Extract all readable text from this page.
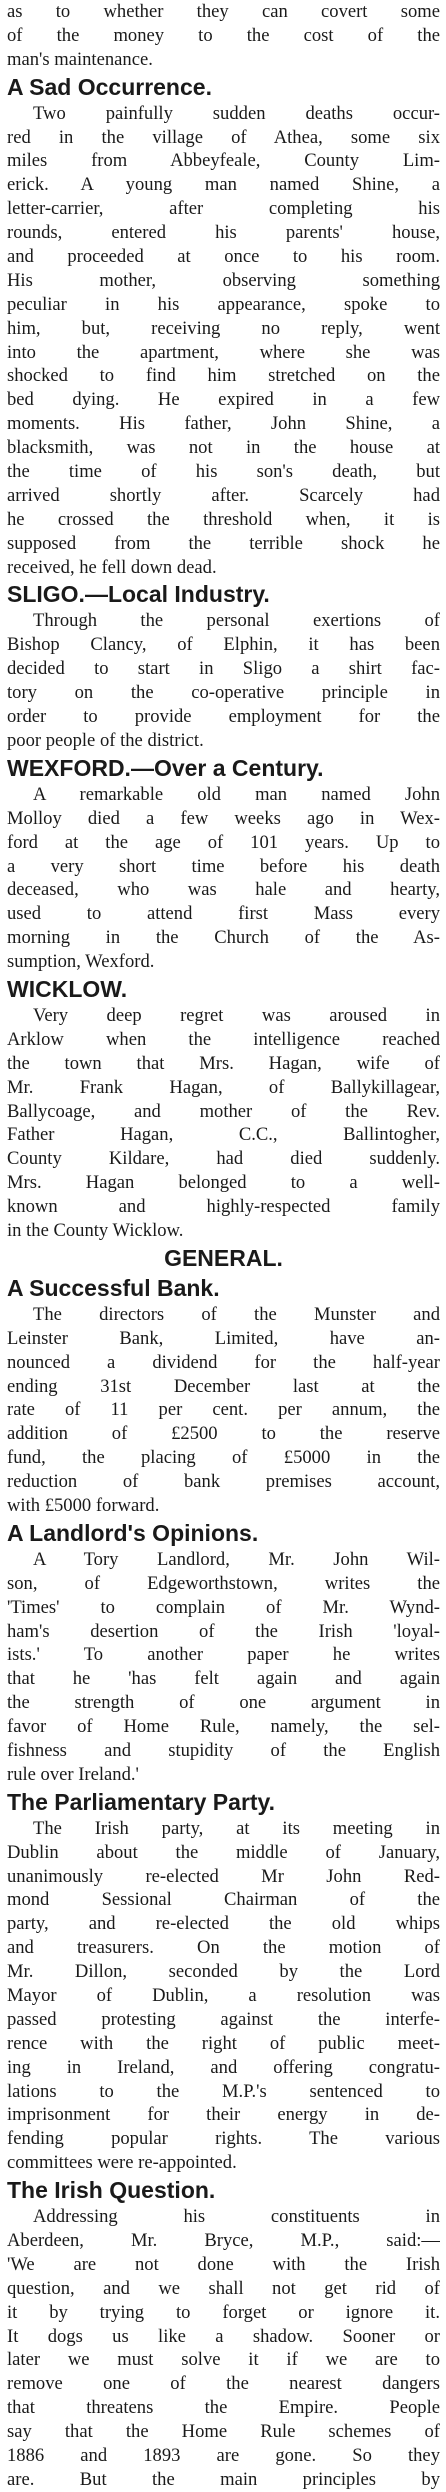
as to whether they can covert some
of the money to the cost of the
man's maintenance.
A Sad Occurrence.
Two painfully sudden deaths occur-
red in the village of Athea, some six
miles from Abbeyfeale, County Lim-
erick. A young man named Shine, a
letter-carrier, after completing his
rounds, entered his parents' house,
and proceeded at once to his room.
His mother, observing something
peculiar in his appearance, spoke to
him, but, receiving no reply, went
into the apartment, where she was
shocked to find him stretched on the
bed dying. He expired in a few
moments. His father, John Shine, a
blacksmith, was not in the house at
the time of his son's death, but
arrived shortly after. Scarcely had
he crossed the threshold when, it is
supposed from the terrible shock he
received, he fell down dead.
SLIGO.—Local Industry.
Through the personal exertions of
Bishop Clancy, of Elphin, it has been
decided to start in Sligo a shirt fac-
tory on the co-operative principle in
order to provide employment for the
poor people of the district.
WEXFORD.—Over a Century.
A remarkable old man named John
Molloy died a few weeks ago in Wex-
ford at the age of 101 years. Up to
a very short time before his death
deceased, who was hale and hearty,
used to attend first Mass every
morning in the Church of the As-
sumption, Wexford.
WICKLOW.
Very deep regret was aroused in
Arklow when the intelligence reached
the town that Mrs. Hagan, wife of
Mr. Frank Hagan, of Ballykillagear,
Ballycoage, and mother of the Rev.
Father Hagan, C.C., Ballintogher,
County Kildare, had died suddenly.
Mrs. Hagan belonged to a well-
known and highly-respected family
in the County Wicklow.
GENERAL.
A Successful Bank.
The directors of the Munster and
Leinster Bank, Limited, have an-
nounced a dividend for the half-year
ending 31st December last at the
rate of 11 per cent. per annum, the
addition of £2500 to the reserve
fund, the placing of £5000 in the
reduction of bank premises account,
with £5000 forward.
A Landlord's Opinions.
A Tory Landlord, Mr. John Wil-
son, of Edgeworthstown, writes the
'Times' to complain of Mr. Wynd-
ham's desertion of the Irish 'loyal-
ists.' To another paper he writes
that he 'has felt again and again
the strength of one argument in
favor of Home Rule, namely, the sel-
fishness and stupidity of the English
rule over Ireland.'
The Parliamentary Party.
The Irish party, at its meeting in
Dublin about the middle of January,
unanimously re-elected Mr John Red-
mond Sessional Chairman of the
party, and re-elected the old whips
and treasurers. On the motion of
Mr. Dillon, seconded by the Lord
Mayor of Dublin, a resolution was
passed protesting against the interfe-
rence with the right of public meet-
ing in Ireland, and offering congratu-
lations to the M.P.'s sentenced to
imprisonment for their energy in de-
fending popular rights. The various
committees were re-appointed.
The Irish Question.
Addressing his constituents in
Aberdeen, Mr. Bryce, M.P., said:—
'We are not done with the Irish
question, and we shall not get rid of
it by trying to forget or ignore it.
It dogs us like a shadow. Sooner or
later we must solve it if we are to
remove one of the nearest dangers
that threatens the Empire. People
say that the Home Rule schemes of
1886 and 1893 are gone. So they
are. But the main principles by
